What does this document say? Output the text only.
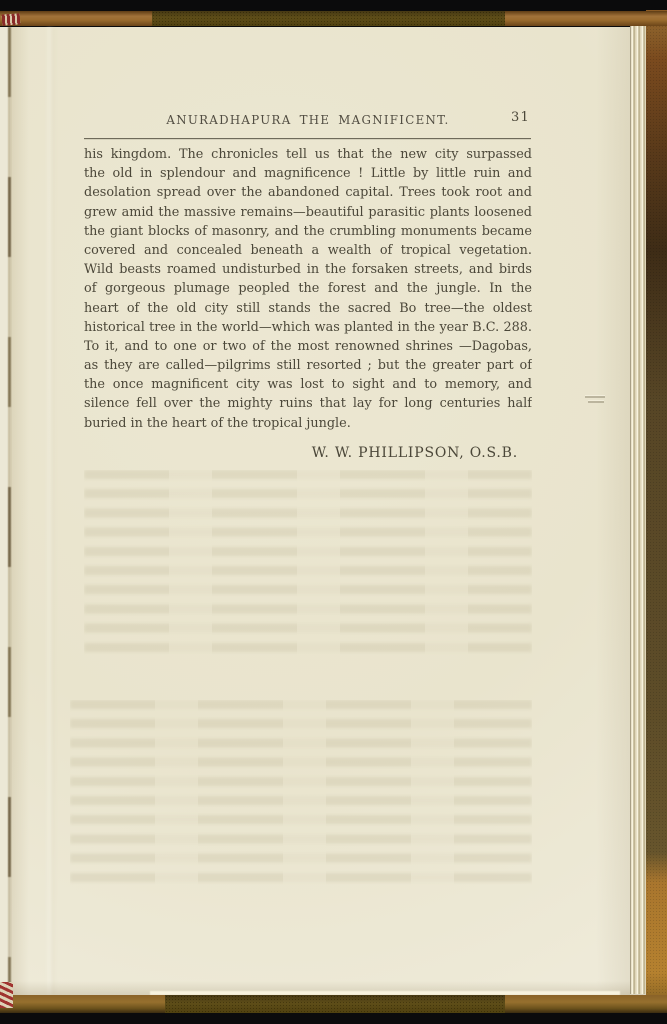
ANURADHAPURA THE MAGNIFICENT.	31
his kingdom. The chronicles tell us that the new city surpassed
the old in splendour and magnificence ! Little by little ruin and
desolation spread over the abandoned capital. Trees took root and
grew amid the massive remains—beautiful parasitic plants loosened
the giant blocks of masonry, and the crumbling monuments became
covered and concealed beneath a wealth of tropical vegetation.
Wild beasts roamed undisturbed in the forsaken streets, and birds
of gorgeous plumage peopled the forest and the jungle. In the
heart of the old city still stands the sacred Bo tree—the oldest
historical tree in the world—which was planted in the year B.C. 288.
To it, and to one or two of the most renowned shrines —Dagobas,
as they are called—pilgrims still resorted ; but the greater part of
the once magnificent city was lost to sight and to memory, and
silence fell over the mighty ruins that lay for long centuries half
buried in the heart of the tropical jungle.
W. W. PHILLIPSON, O.S.B.
